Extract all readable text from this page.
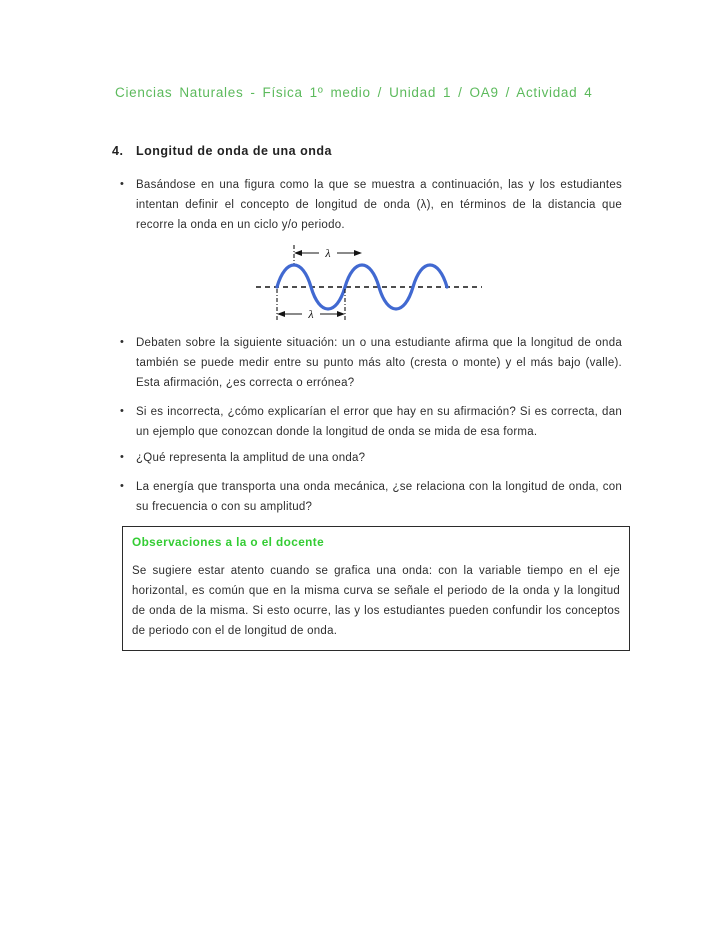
Ciencias Naturales - Física 1º medio / Unidad 1 / OA9 / Actividad 4
4.	Longitud de onda de una onda
• Basándose en una figura como la que se muestra a continuación, las y los estudiantes intentan definir el concepto de longitud de onda (λ), en términos de la distancia que recorre la onda en un ciclo y/o periodo.
λ
λ
• Debaten sobre la siguiente situación: un o una estudiante afirma que la longitud de onda también se puede medir entre su punto más alto (cresta o monte) y el más bajo (valle). Esta afirmación, ¿es correcta o errónea?
• Si es incorrecta, ¿cómo explicarían el error que hay en su afirmación? Si es correcta, dan un ejemplo que conozcan donde la longitud de onda se mida de esa forma.
• ¿Qué representa la amplitud de una onda?
• La energía que transporta una onda mecánica, ¿se relaciona con la longitud de onda, con su frecuencia o con su amplitud?
Observaciones a la o el docente
Se sugiere estar atento cuando se grafica una onda: con la variable tiempo en el eje horizontal, es común que en la misma curva se señale el periodo de la onda y la longitud de onda de la misma. Si esto ocurre, las y los estudiantes pueden confundir los conceptos de periodo con el de longitud de onda.
